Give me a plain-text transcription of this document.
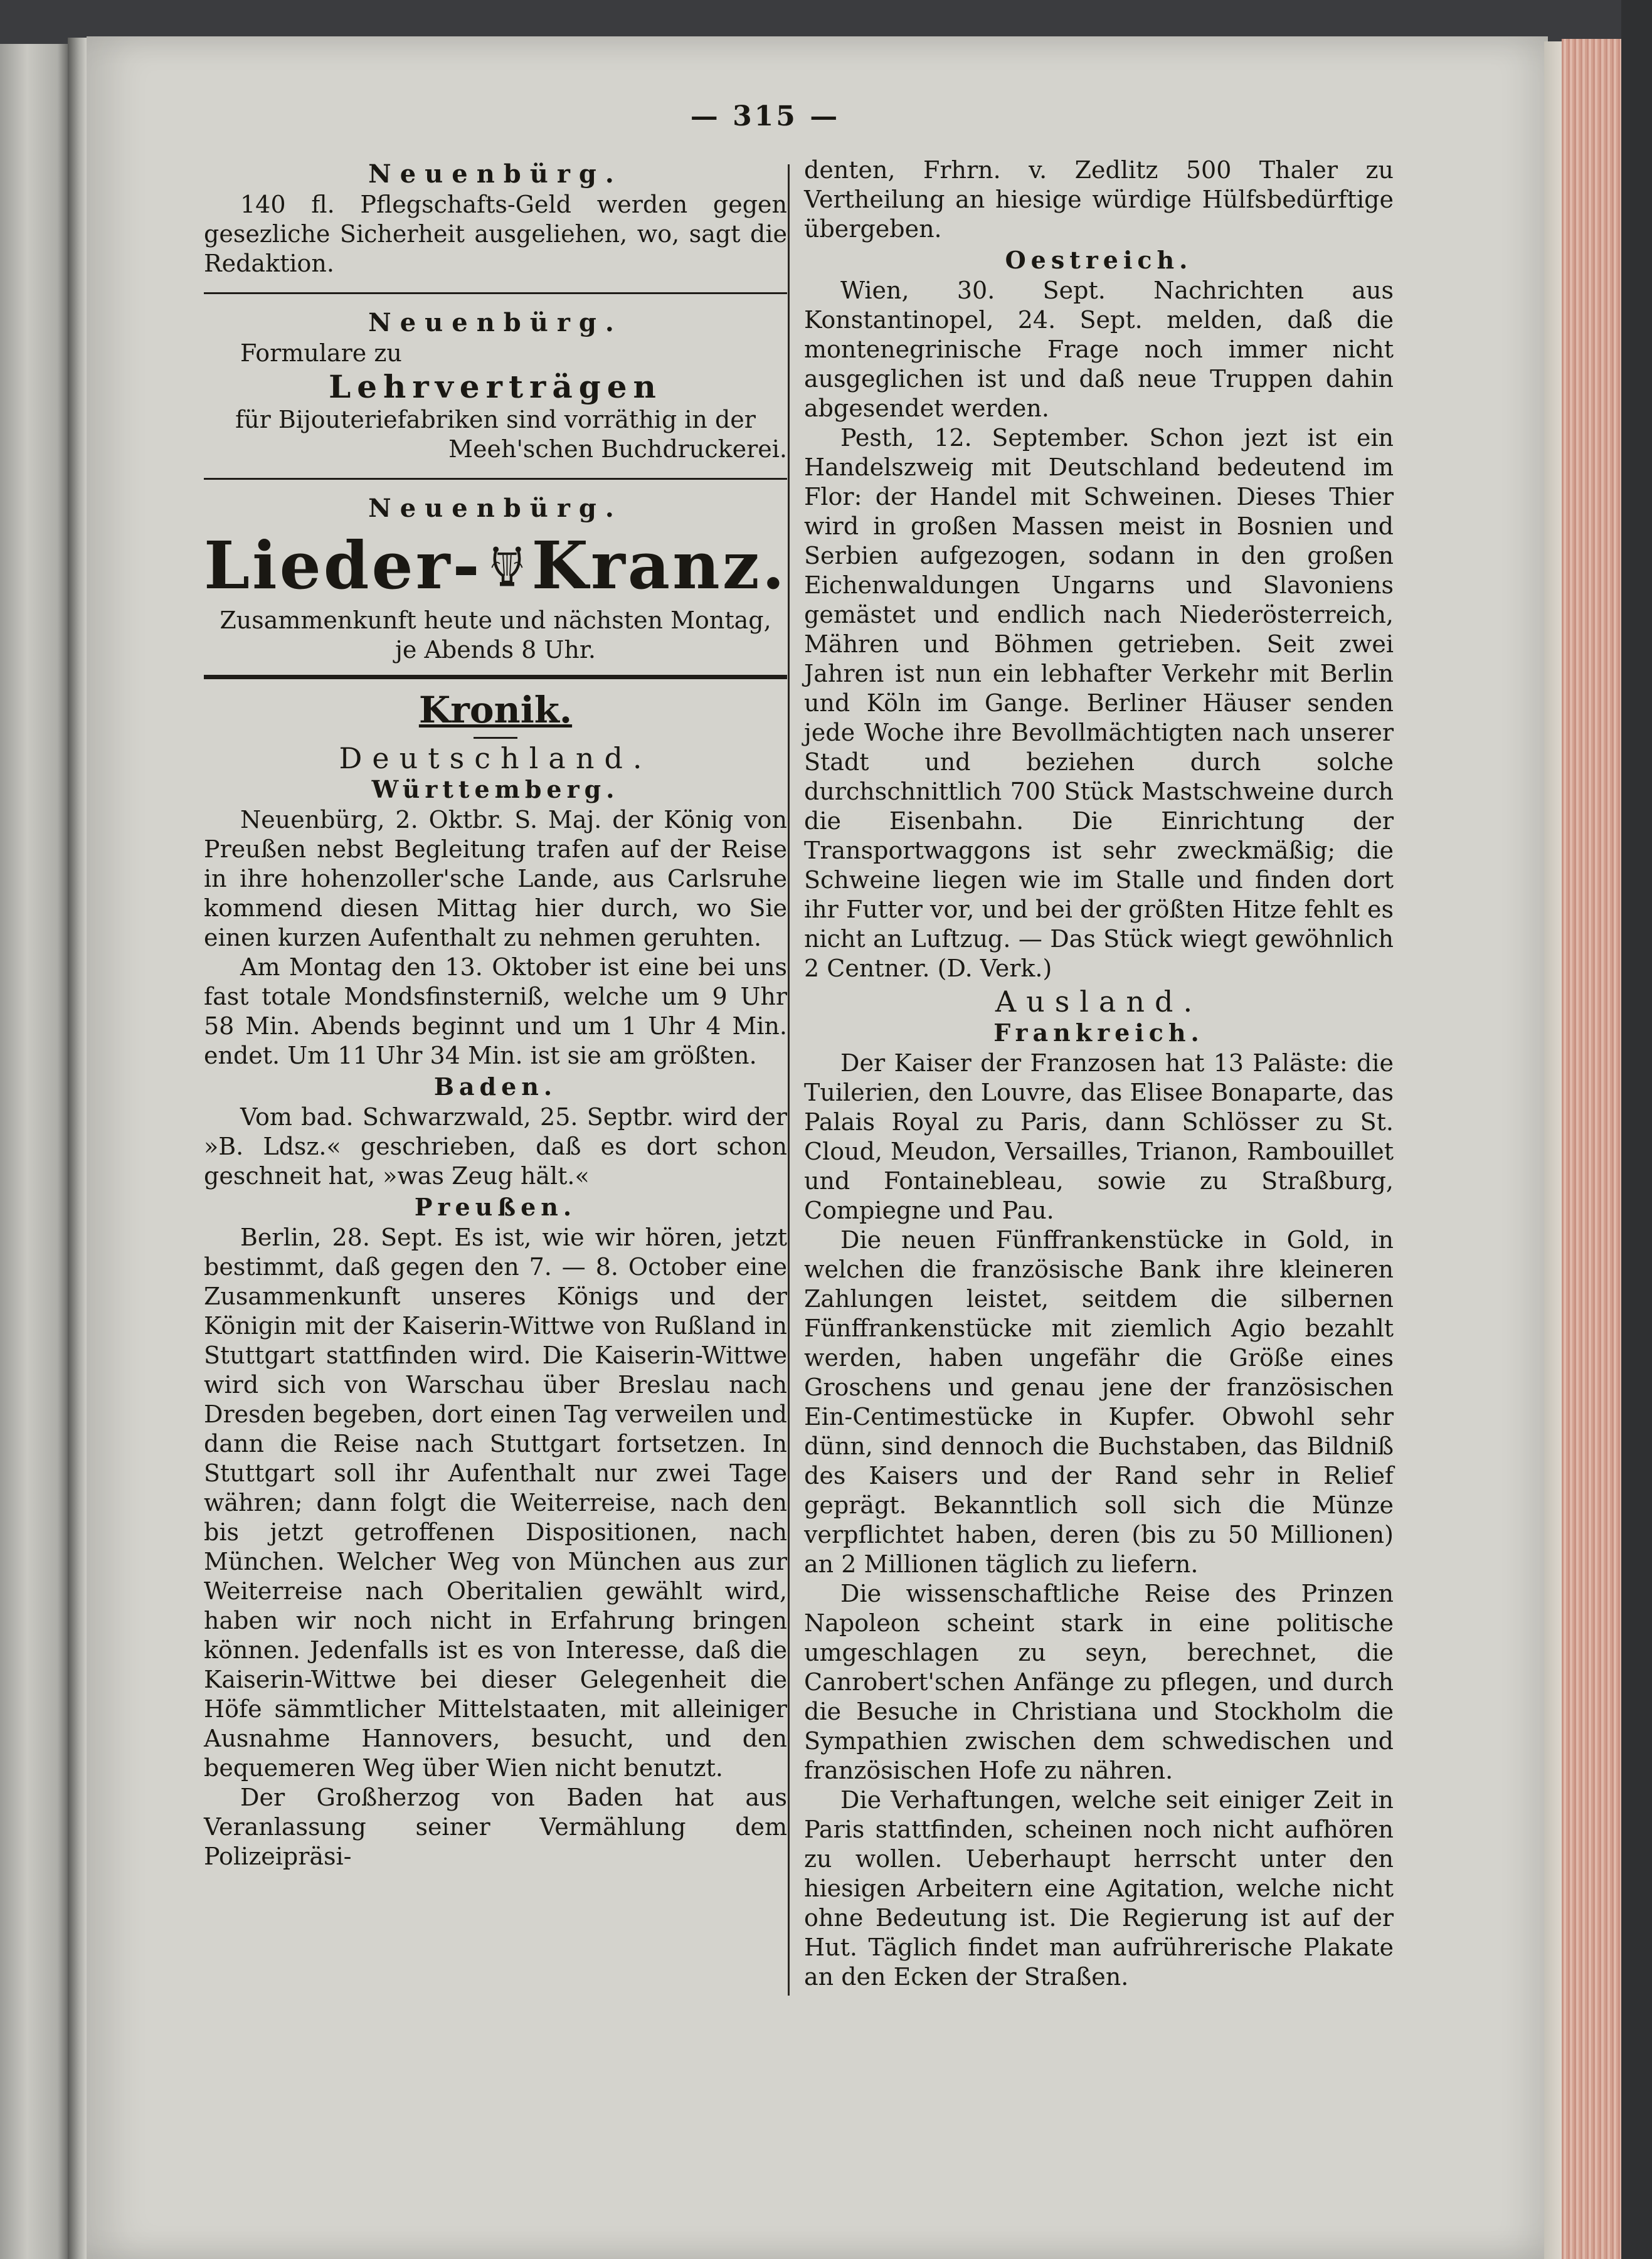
— 315 —
Neuenbürg.

140 fl. Pflegschafts-Geld werden gegen gesezliche Sicherheit ausgeliehen, wo, sagt die Redaktion.

Neuenbürg.

Formulare zu

Lehrverträgen

für Bijouteriefabriken sind vorräthig in der

Meeh'schen Buchdruckerei.

Neuenbürg.
Lieder- Kranz.

Zusammenkunft heute und nächsten Montag,

je Abends 8 Uhr.

Kronik.
Deutschland.
Württemberg.

Neuenbürg, 2. Oktbr. S. Maj. der König von Preußen nebst Begleitung trafen auf der Reise in ihre hohenzoller'sche Lande, aus Carlsruhe kommend diesen Mittag hier durch, wo Sie einen kurzen Aufenthalt zu nehmen geruhten.

Am Montag den 13. Oktober ist eine bei uns fast totale Mondsfinsterniß, welche um 9 Uhr 58 Min. Abends beginnt und um 1 Uhr 4 Min. endet. Um 11 Uhr 34 Min. ist sie am größten.

Baden.

Vom bad. Schwarzwald, 25. Septbr. wird der »B. Ldsz.« geschrieben, daß es dort schon geschneit hat, »was Zeug hält.«

Preußen.

Berlin, 28. Sept. Es ist, wie wir hören, jetzt bestimmt, daß gegen den 7. — 8. October eine Zusammenkunft unseres Königs und der Königin mit der Kaiserin-Wittwe von Rußland in Stuttgart stattfinden wird. Die Kaiserin-Wittwe wird sich von Warschau über Breslau nach Dresden begeben, dort einen Tag verweilen und dann die Reise nach Stuttgart fortsetzen. In Stuttgart soll ihr Aufenthalt nur zwei Tage währen; dann folgt die Weiterreise, nach den bis jetzt getroffenen Dispositionen, nach München. Welcher Weg von München aus zur Weiterreise nach Oberitalien gewählt wird, haben wir noch nicht in Erfahrung bringen können. Jedenfalls ist es von Interesse, daß die Kaiserin-Wittwe bei dieser Gelegenheit die Höfe sämmtlicher Mittelstaaten, mit alleiniger Ausnahme Hannovers, besucht, und den bequemeren Weg über Wien nicht benutzt.

Der Großherzog von Baden hat aus Veranlassung seiner Vermählung dem Polizeipräsi-

denten, Frhrn. v. Zedlitz 500 Thaler zu Vertheilung an hiesige würdige Hülfsbedürftige übergeben.

Oestreich.

Wien, 30. Sept. Nachrichten aus Konstantinopel, 24. Sept. melden, daß die montenegrinische Frage noch immer nicht ausgeglichen ist und daß neue Truppen dahin abgesendet werden.

Pesth, 12. September. Schon jezt ist ein Handelszweig mit Deutschland bedeutend im Flor: der Handel mit Schweinen. Dieses Thier wird in großen Massen meist in Bosnien und Serbien aufgezogen, sodann in den großen Eichenwaldungen Ungarns und Slavoniens gemästet und endlich nach Niederösterreich, Mähren und Böhmen getrieben. Seit zwei Jahren ist nun ein lebhafter Verkehr mit Berlin und Köln im Gange. Berliner Häuser senden jede Woche ihre Bevollmächtigten nach unserer Stadt und beziehen durch solche durchschnittlich 700 Stück Mastschweine durch die Eisenbahn. Die Einrichtung der Transportwaggons ist sehr zweckmäßig; die Schweine liegen wie im Stalle und finden dort ihr Futter vor, und bei der größten Hitze fehlt es nicht an Luftzug. — Das Stück wiegt gewöhnlich 2 Centner. (D. Verk.)

Ausland.
Frankreich.

Der Kaiser der Franzosen hat 13 Paläste: die Tuilerien, den Louvre, das Elisee Bonaparte, das Palais Royal zu Paris, dann Schlösser zu St. Cloud, Meudon, Versailles, Trianon, Rambouillet und Fontainebleau, sowie zu Straßburg, Compiegne und Pau.

Die neuen Fünffrankenstücke in Gold, in welchen die französische Bank ihre kleineren Zahlungen leistet, seitdem die silbernen Fünffrankenstücke mit ziemlich Agio bezahlt werden, haben ungefähr die Größe eines Groschens und genau jene der französischen Ein-Centimestücke in Kupfer. Obwohl sehr dünn, sind dennoch die Buchstaben, das Bildniß des Kaisers und der Rand sehr in Relief geprägt. Bekanntlich soll sich die Münze verpflichtet haben, deren (bis zu 50 Millionen) an 2 Millionen täglich zu liefern.

Die wissenschaftliche Reise des Prinzen Napoleon scheint stark in eine politische umgeschlagen zu seyn, berechnet, die Canrobert'schen Anfänge zu pflegen, und durch die Besuche in Christiana und Stockholm die Sympathien zwischen dem schwedischen und französischen Hofe zu nähren.

Die Verhaftungen, welche seit einiger Zeit in Paris stattfinden, scheinen noch nicht aufhören zu wollen. Ueberhaupt herrscht unter den hiesigen Arbeitern eine Agitation, welche nicht ohne Bedeutung ist. Die Regierung ist auf der Hut. Täglich findet man aufrührerische Plakate an den Ecken der Straßen.
